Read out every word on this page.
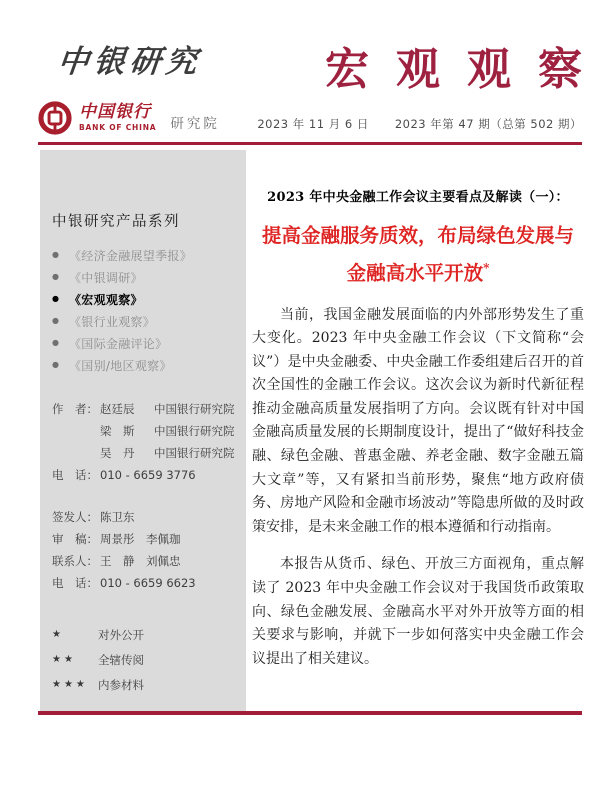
中银研究	宏观观察
中国银行
BANK OF CHINA 研究院	2023 年 11 月 6 日 2023 年第 47 期（总第 502 期）
中银研究产品系列
●
《经济金融展望季报》
●
《中银调研》
●
《宏观观察》
●
《银行业观察》
●
《国际金融评论》
●
《国别/地区观察》
作　者： 赵廷辰	中国银行研究院
梁　斯	中国银行研究院
吴　丹	中国银行研究院
电　话： 010 - 6659 3776
签发人： 陈卫东
审　稿： 周景彤　李佩珈
联系人： 王　静　刘佩忠
电　话： 010 - 6659 6623
★	对外公开
★★	全辖传阅
★★★ 内参材料
2023 年中央金融工作会议主要看点及解读（一）：
提高金融服务质效，布局绿色发展与
金融高水平开放*

当前，我国金融发展面临的内外部形势发生了重大变化。2023 年中央金融工作会议（下文简称“会议”）是中央金融委、中央金融工作委组建后召开的首次全国性的金融工作会议。这次会议为新时代新征程推动金融高质量发展指明了方向。会议既有针对中国金融高质量发展的长期制度设计，提出了“做好科技金融、绿色金融、普惠金融、养老金融、数字金融五篇大文章”等，又有紧扣当前形势，聚焦“地方政府债务、房地产风险和金融市场波动”等隐患所做的及时政策安排，是未来金融工作的根本遵循和行动指南。

本报告从货币、绿色、开放三方面视角，重点解读了 2023 年中央金融工作会议对于我国货币政策取向、绿色金融发展、金融高水平对外开放等方面的相关要求与影响，并就下一步如何落实中央金融工作会议提出了相关建议。
